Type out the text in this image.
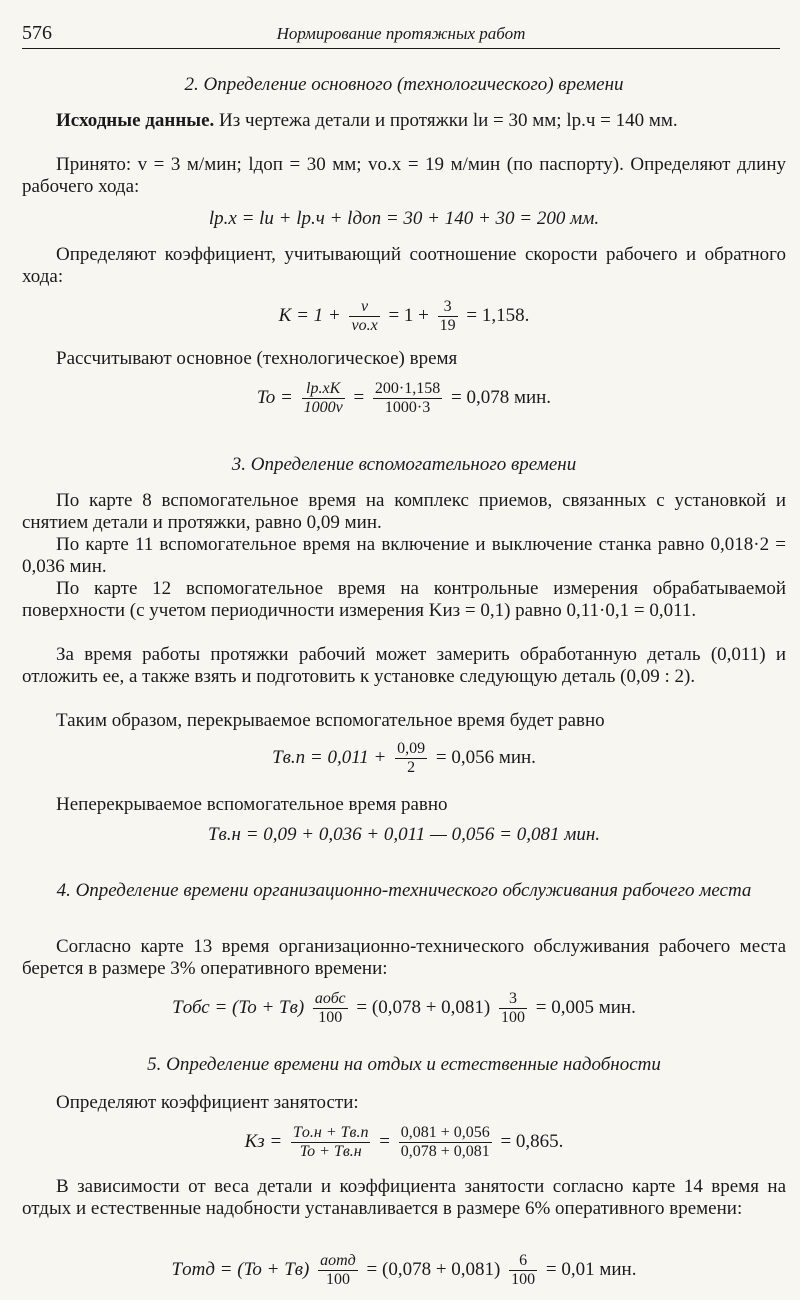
576	Нормирование протяжных работ
2. Определение основного (технологического) времени
Исходные данные. Из чертежа детали и протяжки lи = 30 мм; lр.ч = 140 мм.
Принято: v = 3 м/мин; lдоп = 30 мм; vо.х = 19 м/мин (по паспорту). Определяют длину рабочего хода:
lр.х = lи + lр.ч + lдоп = 30 + 140 + 30 = 200 мм.
Определяют коэффициент, учитывающий соотношение скорости рабочего и обратного хода:
K = 1 +	v
$vо.х = 1 + \frac{3}{19} = 1,158$.
Рассчитывают основное (технологическое) время
To = lр.хK
$1000v = \frac{200\cdot 1,158}{1000\cdot 3} = 0,078$ мин.
3. Определение вспомогательного времени
По карте 8 вспомогательное время на комплекс приемов, связанных с установкой и снятием детали и протяжки, равно 0,09 мин.
По карте 11 вспомогательное время на включение и выключение станка равно 0,018·2 = 0,036 мин.
По карте 12 вспомогательное время на контрольные измерения обрабатываемой поверхности (с учетом периодичности измерения Kиз = 0,1) равно 0,11·0,1 = 0,011.
За время работы протяжки рабочий может замерить обработанную деталь (0,011) и отложить ее, а также взять и подготовить к установке следующую деталь (0,09 : 2).
Таким образом, перекрываемое вспомогательное время будет равно
$Tв.п = 0,011 + \frac{0,09}{2} = 0,056$ мин.
Неперекрываемое вспомогательное время равно
Tв.н = 0,09 + 0,036 + 0,011 — 0,056 = 0,081 мин.
4. Определение времени организационно-технического обслуживания рабочего места
Согласно карте 13 время организационно-технического обслуживания рабочего места берется в размере 3% оперативного времени:
Tобс = (To + Tв) aобс
$100 = (0,078 + 0,081) \frac{3}{100} = 0,005$ мин.
5. Определение времени на отдых и естественные надобности
Определяют коэффициент занятости:
Kз = Tо.н + Tв.п
$To + Tв.н = \frac{0,081 + 0,056}{0,078 + 0,081} = 0,865$.
В зависимости от веса детали и коэффициента занятости согласно карте 14 время на отдых и естественные надобности устанавливается в размере 6% оперативного времени:
Tотд = (To + Tв) aотд
$100 = (0,078 + 0,081) \frac{6}{100} = 0,01$ мин.
